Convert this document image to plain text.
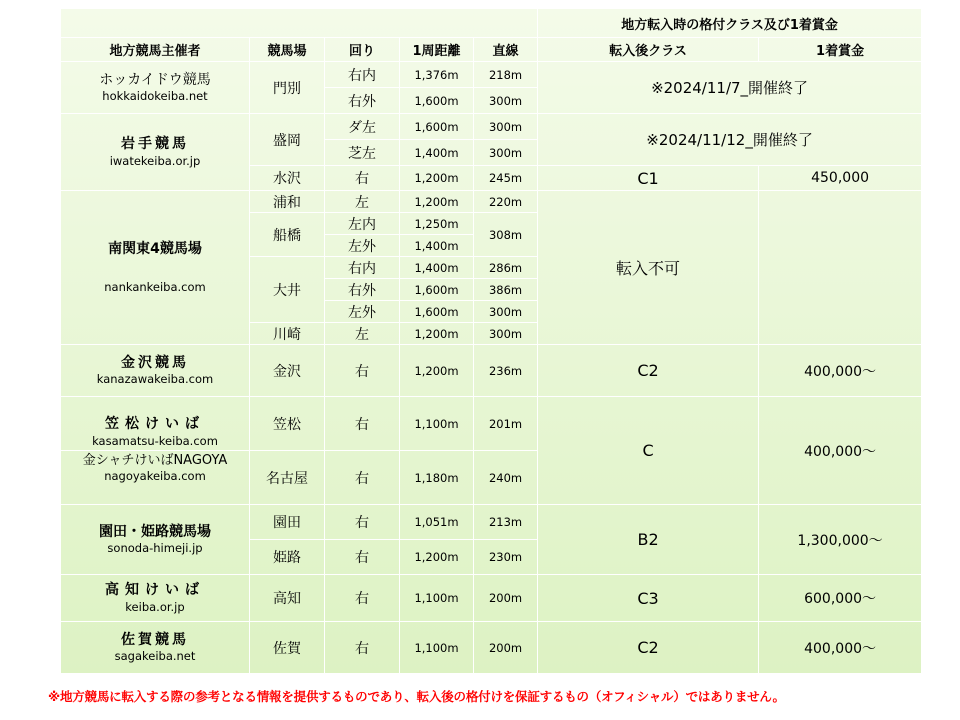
					地方転入時の格付クラス及び1着賞金	
地方競馬主催者	競馬場	回り	1周距離	直線	転入後クラス	1着賞金

ホッカイドウ競馬
hokkaidokeiba.net	門別	右内	1,376m	218m	※2024/11/7_開催終了	
		右外	1,600m	300m		

岩手競馬
iwatekeiba.or.jp	盛岡	ダ左	1,600m	300m	※2024/11/12_開催終了	
		芝左	1,400m	300m		
	水沢	右	1,200m	245m	C1	450,000

南関東4競馬場
nankankeiba.com	浦和	左	1,200m	220m	転入不可	
	船橋	左内	1,250m	308m		
		左外	1,400m			
	大井	右内	1,400m	286m		
		右外	1,600m	386m		
		左外	1,600m	300m		
	川崎	左	1,200m	300m		

金沢競馬
kanazawakeiba.com	金沢	右	1,200m	236m	C2	400,000～

笠松けいば
kasamatsu-keiba.com	笠松	右	1,100m	201m	C	400,000～

金シャチけいばNAGOYA
nagoyakeiba.com	名古屋	右	1,180m	240m		

園田・姫路競馬場
sonoda-himeji.jp	園田	右	1,051m	213m	B2	1,300,000～
	姫路	右	1,200m	230m		

高知けいば
keiba.or.jp	高知	右	1,100m	200m	C3	600,000～

佐賀競馬
sagakeiba.net	佐賀	右	1,100m	200m	C2	400,000～
※地方競馬に転入する際の参考となる情報を提供するものであり、転入後の格付けを保証するもの（オフィシャル）ではありません。
